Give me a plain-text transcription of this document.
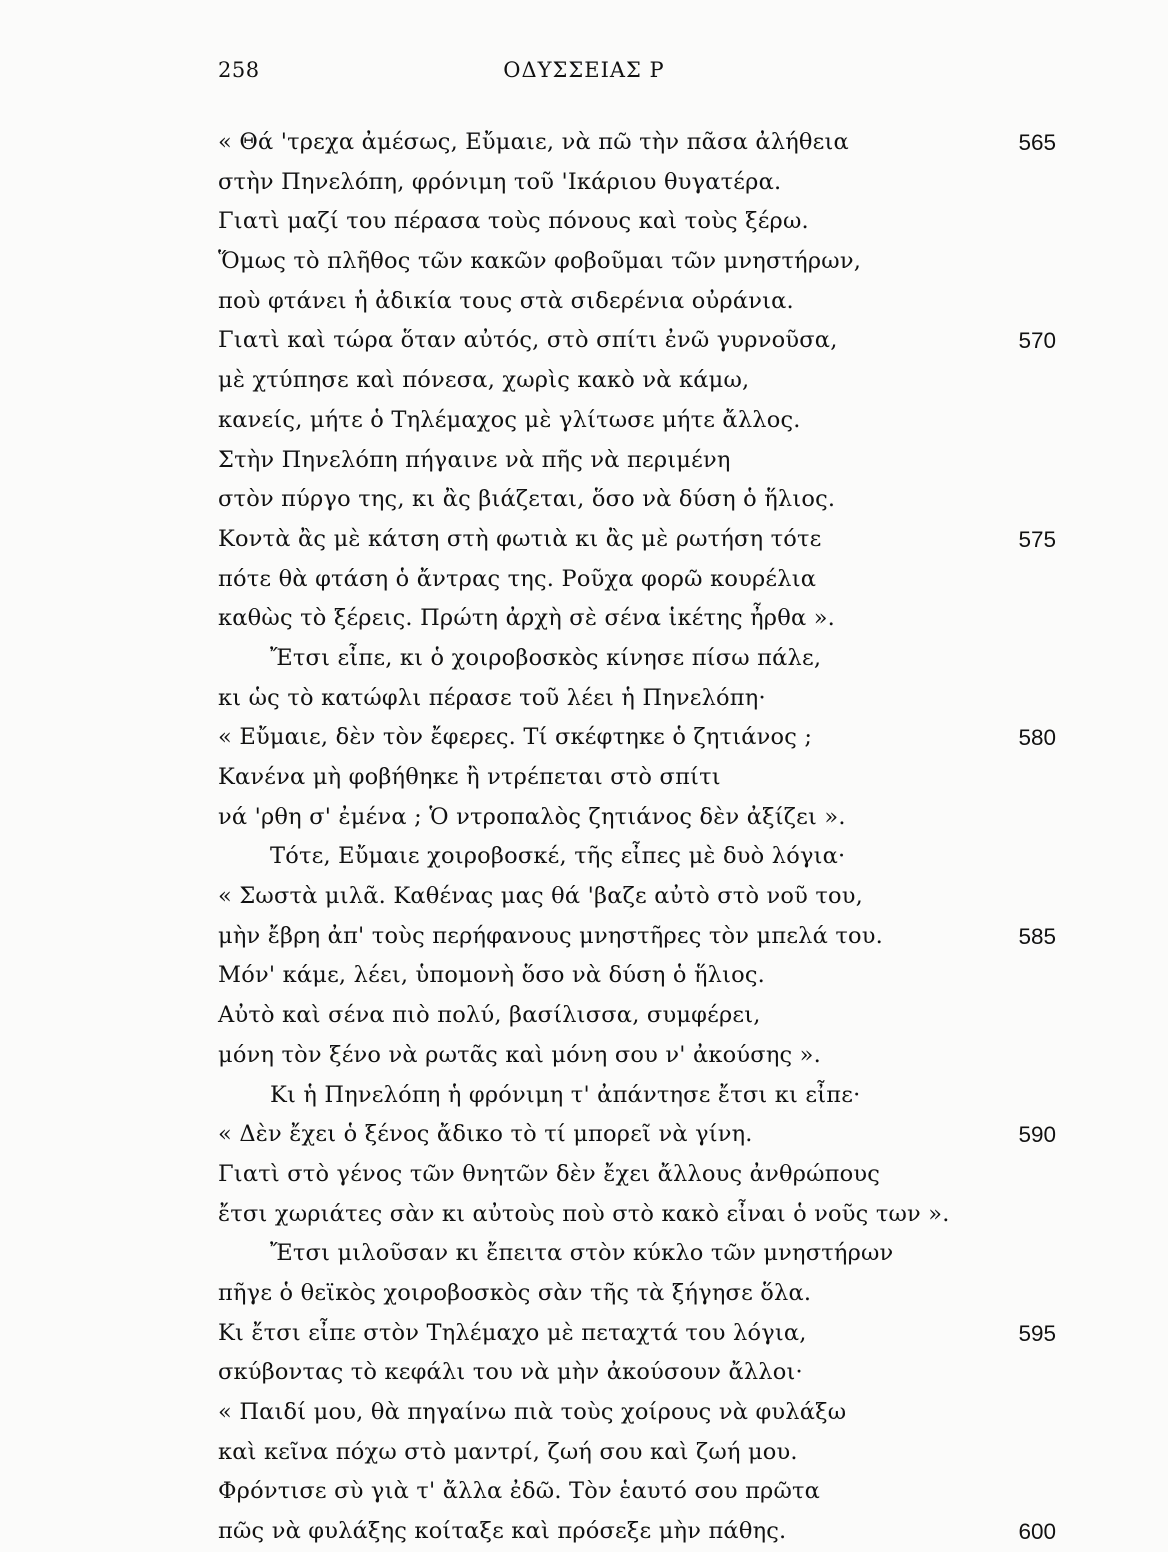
258	ΟΔΥΣΣΕΙΑΣ Ρ
« Θά 'τρεχα ἀμέσως, Εὔμαιε, νὰ πῶ τὴν πᾶσα ἀλήθεια	565
στὴν Πηνελόπη, φρόνιμη τοῦ 'Ικάριου θυγατέρα.
Γιατὶ μαζί του πέρασα τοὺς πόνους καὶ τοὺς ξέρω.
Ὅμως τὸ πλῆθος τῶν κακῶν φοβοῦμαι τῶν μνηστήρων,
ποὺ φτάνει ἡ ἀδικία τους στὰ σιδερένια οὐράνια.
Γιατὶ καὶ τώρα ὅταν αὐτός, στὸ σπίτι ἐνῶ γυρνοῦσα,	570
μὲ χτύπησε καὶ πόνεσα, χωρὶς κακὸ νὰ κάμω,
κανείς, μήτε ὁ Τηλέμαχος μὲ γλίτωσε μήτε ἄλλος.
Στὴν Πηνελόπη πήγαινε νὰ πῆς νὰ περιμένη
στὸν πύργο της, κι ἂς βιάζεται, ὅσο νὰ δύση ὁ ἥλιος.
Κοντὰ ἂς μὲ κάτση στὴ φωτιὰ κι ἂς μὲ ρωτήση τότε	575
πότε θὰ φτάση ὁ ἄντρας της. Ροῦχα φορῶ κουρέλια
καθὼς τὸ ξέρεις. Πρώτη ἀρχὴ σὲ σένα ἱκέτης ἦρθα ».
Ἔτσι εἶπε, κι ὁ χοιροβοσκὸς κίνησε πίσω πάλε,
κι ὡς τὸ κατώφλι πέρασε τοῦ λέει ἡ Πηνελόπη·
« Εὔμαιε, δὲν τὸν ἔφερες. Τί σκέφτηκε ὁ ζητιάνος ;	580
Κανένα μὴ φοβήθηκε ἢ ντρέπεται στὸ σπίτι
νά 'ρθη σ' ἐμένα ; Ὁ ντροπαλὸς ζητιάνος δὲν ἀξίζει ».
Τότε, Εὔμαιε χοιροβοσκέ, τῆς εἶπες μὲ δυὸ λόγια·
« Σωστὰ μιλᾶ. Καθένας μας θά 'βαζε αὐτὸ στὸ νοῦ του,
μὴν ἔβρη ἀπ' τοὺς περήφανους μνηστῆρες τὸν μπελά του.	585
Μόν' κάμε, λέει, ὑπομονὴ ὅσο νὰ δύση ὁ ἥλιος.
Αὐτὸ καὶ σένα πιὸ πολύ, βασίλισσα, συμφέρει,
μόνη τὸν ξένο νὰ ρωτᾶς καὶ μόνη σου ν' ἀκούσης ».
Κι ἡ Πηνελόπη ἡ φρόνιμη τ' ἀπάντησε ἔτσι κι εἶπε·
« Δὲν ἔχει ὁ ξένος ἄδικο τὸ τί μπορεῖ νὰ γίνη.	590
Γιατὶ στὸ γένος τῶν θνητῶν δὲν ἔχει ἄλλους ἀνθρώπους
ἔτσι χωριάτες σὰν κι αὐτοὺς ποὺ στὸ κακὸ εἶναι ὁ νοῦς των ».
Ἔτσι μιλοῦσαν κι ἔπειτα στὸν κύκλο τῶν μνηστήρων
πῆγε ὁ θεϊκὸς χοιροβοσκὸς σὰν τῆς τὰ ξήγησε ὅλα.
Κι ἔτσι εἶπε στὸν Τηλέμαχο μὲ πεταχτά του λόγια,	595
σκύβοντας τὸ κεφάλι του νὰ μὴν ἀκούσουν ἄλλοι·
« Παιδί μου, θὰ πηγαίνω πιὰ τοὺς χοίρους νὰ φυλάξω
καὶ κεῖνα πόχω στὸ μαντρί, ζωή σου καὶ ζωή μου.
Φρόντισε σὺ γιὰ τ' ἄλλα ἐδῶ. Τὸν ἑαυτό σου πρῶτα
πῶς νὰ φυλάξης κοίταξε καὶ πρόσεξε μὴν πάθης.	600
